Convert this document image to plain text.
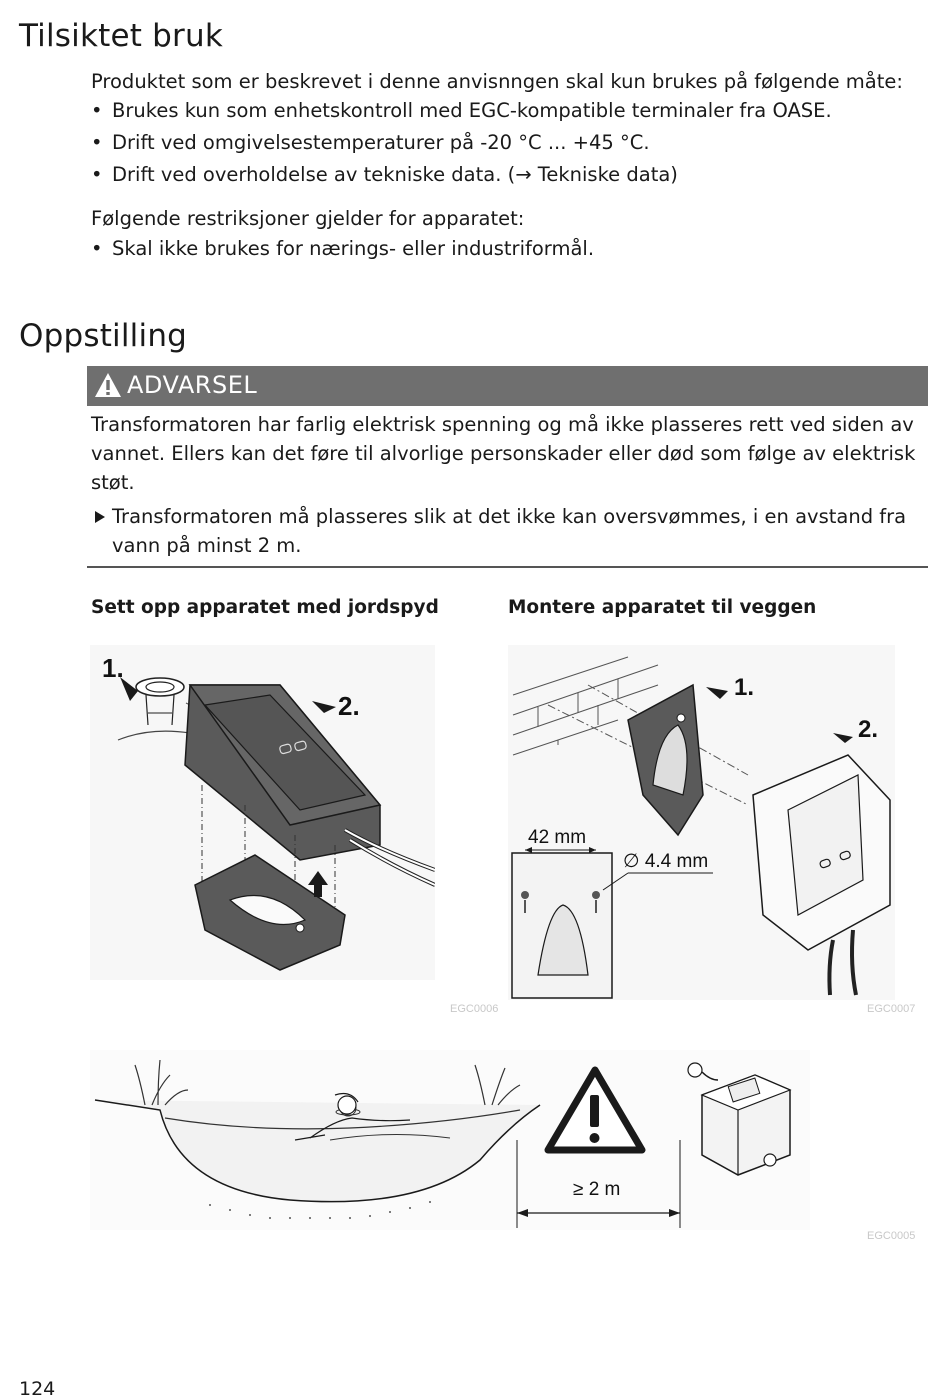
Tilsiktet bruk
Produktet som er beskrevet i denne anvisnngen skal kun brukes på følgende måte:
• Brukes kun som enhetskontroll med EGC-kompatible terminaler fra OASE.
• Drift ved omgivelsestemperaturer på -20 °C ... +45 °C.
• Drift ved overholdelse av tekniske data. (→ Tekniske data)
Følgende restriksjoner gjelder for apparatet:
• Skal ikke brukes for nærings- eller industriformål.
Oppstilling
ADVARSEL
Transformatoren har farlig elektrisk spenning og må ikke plasseres rett ved siden av
vannet. Ellers kan det føre til alvorlige personskader eller død som følge av elektrisk
støt.
Transformatoren må plasseres slik at det ikke kan oversvømmes, i en avstand fra
vann på minst 2 m.
Sett opp apparatet med jordspyd	Montere apparatet til veggen
1.
2.
EGC0006
42 mm
∅ 4.4 mm
1.
2.
EGC0007
≥ 2 m
EGC0005
124
